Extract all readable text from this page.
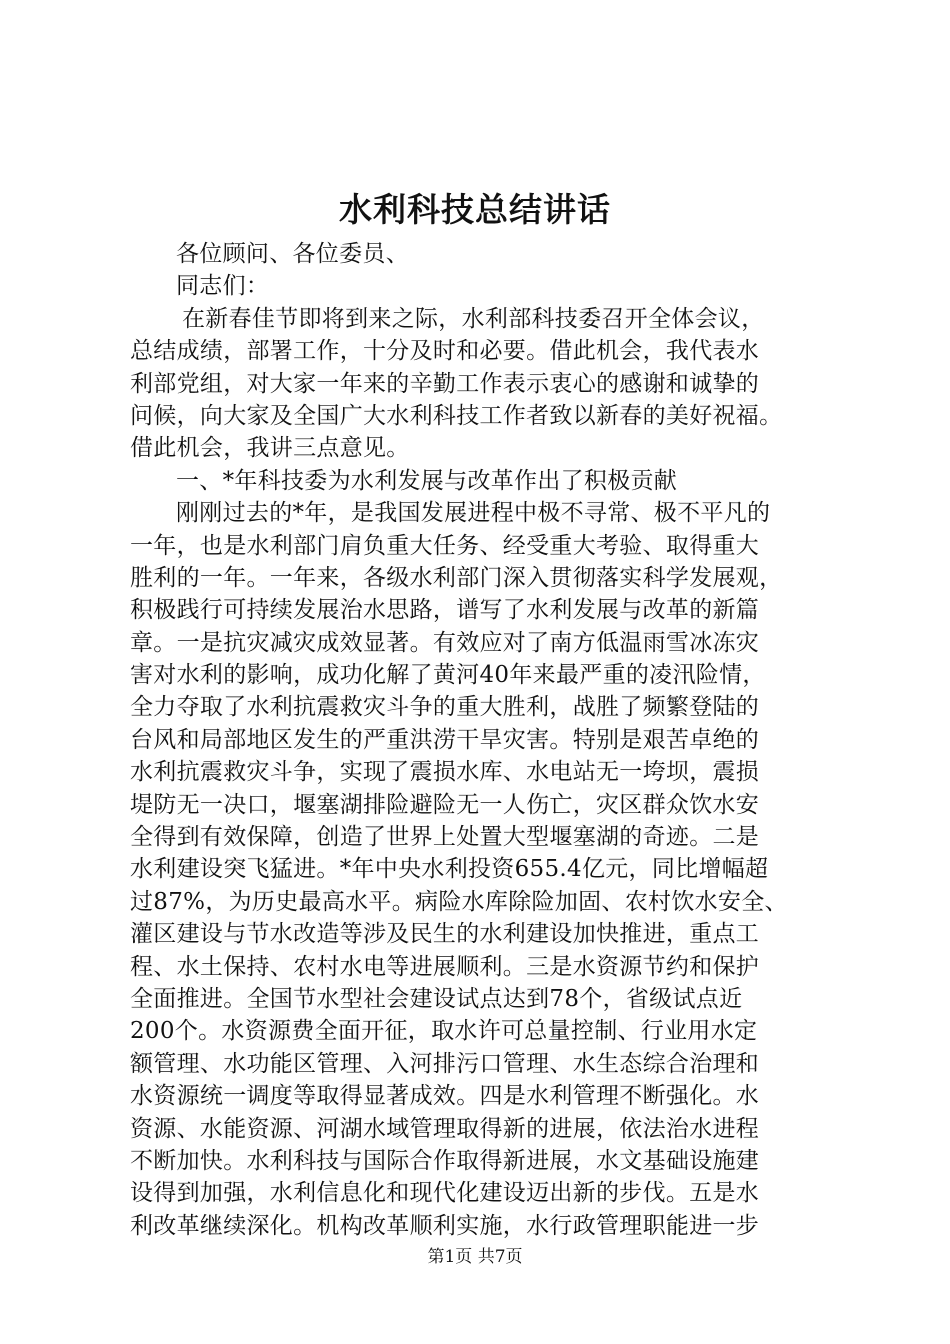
水利科技总结讲话
各位顾问、各位委员、
同志们：
在新春佳节即将到来之际，水利部科技委召开全体会议，
总结成绩，部署工作，十分及时和必要。借此机会，我代表水
利部党组，对大家一年来的辛勤工作表示衷心的感谢和诚挚的
问候，向大家及全国广大水利科技工作者致以新春的美好祝福。
借此机会，我讲三点意见。
一、*年科技委为水利发展与改革作出了积极贡献
刚刚过去的*年，是我国发展进程中极不寻常、极不平凡的
一年，也是水利部门肩负重大任务、经受重大考验、取得重大
胜利的一年。一年来，各级水利部门深入贯彻落实科学发展观，
积极践行可持续发展治水思路，谱写了水利发展与改革的新篇
章。一是抗灾减灾成效显著。有效应对了南方低温雨雪冰冻灾
害对水利的影响，成功化解了黄河40年来最严重的凌汛险情，
全力夺取了水利抗震救灾斗争的重大胜利，战胜了频繁登陆的
台风和局部地区发生的严重洪涝干旱灾害。特别是艰苦卓绝的
水利抗震救灾斗争，实现了震损水库、水电站无一垮坝，震损
堤防无一决口，堰塞湖排险避险无一人伤亡，灾区群众饮水安
全得到有效保障，创造了世界上处置大型堰塞湖的奇迹。二是
水利建设突飞猛进。*年中央水利投资655.4亿元，同比增幅超
过87%，为历史最高水平。病险水库除险加固、农村饮水安全、
灌区建设与节水改造等涉及民生的水利建设加快推进，重点工
程、水土保持、农村水电等进展顺利。三是水资源节约和保护
全面推进。全国节水型社会建设试点达到78个，省级试点近
200个。水资源费全面开征，取水许可总量控制、行业用水定
额管理、水功能区管理、入河排污口管理、水生态综合治理和
水资源统一调度等取得显著成效。四是水利管理不断强化。水
资源、水能资源、河湖水域管理取得新的进展，依法治水进程
不断加快。水利科技与国际合作取得新进展，水文基础设施建
设得到加强，水利信息化和现代化建设迈出新的步伐。五是水
利改革继续深化。机构改革顺利实施，水行政管理职能进一步
第1页 共7页
